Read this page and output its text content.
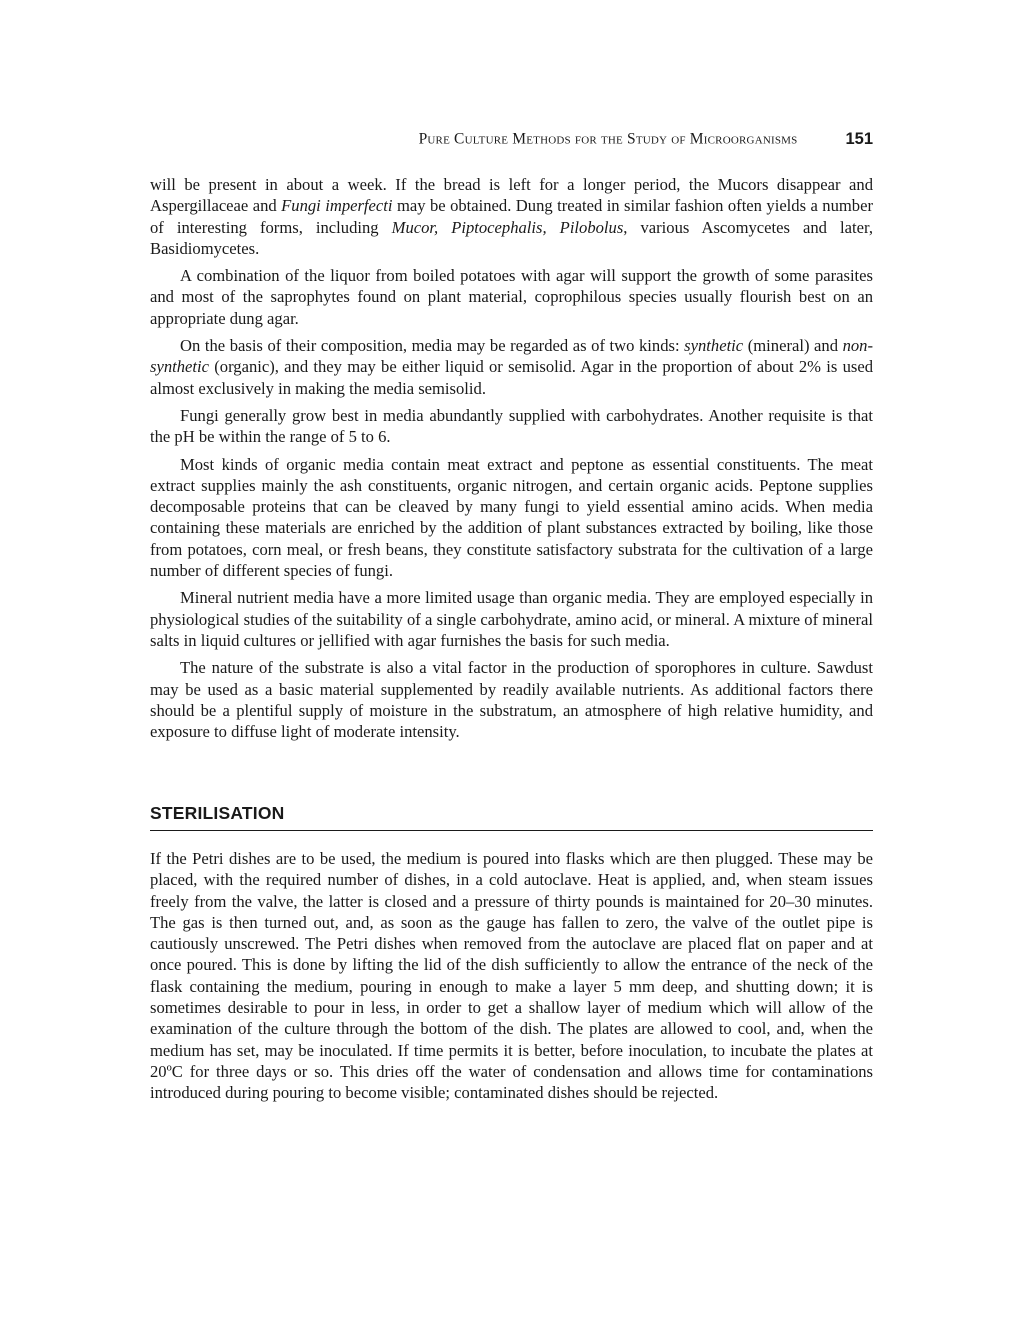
Pure Culture Methods for the Study of Microorganisms	151

will be present in about a week. If the bread is left for a longer period, the Mucors disappear and Aspergillaceae and Fungi imperfecti may be obtained. Dung treated in similar fashion often yields a number of interesting forms, including Mucor, Piptocephalis, Pilobolus, various Ascomycetes and later, Basidiomycetes.

A combination of the liquor from boiled potatoes with agar will support the growth of some parasites and most of the saprophytes found on plant material, coprophilous species usually flourish best on an appropriate dung agar.

On the basis of their composition, media may be regarded as of two kinds: synthetic (mineral) and non-synthetic (organic), and they may be either liquid or semisolid. Agar in the proportion of about 2% is used almost exclusively in making the media semisolid.

Fungi generally grow best in media abundantly supplied with carbohydrates. Another requisite is that the pH be within the range of 5 to 6.

Most kinds of organic media contain meat extract and peptone as essential constituents. The meat extract supplies mainly the ash constituents, organic nitrogen, and certain organic acids. Peptone supplies decomposable proteins that can be cleaved by many fungi to yield essential amino acids. When media containing these materials are enriched by the addition of plant substances extracted by boiling, like those from potatoes, corn meal, or fresh beans, they constitute satisfactory substrata for the cultivation of a large number of different species of fungi.

Mineral nutrient media have a more limited usage than organic media. They are employed especially in physiological studies of the suitability of a single carbohydrate, amino acid, or mineral. A mixture of mineral salts in liquid cultures or jellified with agar furnishes the basis for such media.

The nature of the substrate is also a vital factor in the production of sporophores in culture. Sawdust may be used as a basic material supplemented by readily available nutrients. As additional factors there should be a plentiful supply of moisture in the substratum, an atmosphere of high relative humidity, and exposure to diffuse light of moderate intensity.

STERILISATION

If the Petri dishes are to be used, the medium is poured into flasks which are then plugged. These may be placed, with the required number of dishes, in a cold autoclave. Heat is applied, and, when steam issues freely from the valve, the latter is closed and a pressure of thirty pounds is maintained for 20–30 minutes. The gas is then turned out, and, as soon as the gauge has fallen to zero, the valve of the outlet pipe is cautiously unscrewed. The Petri dishes when removed from the autoclave are placed flat on paper and at once poured. This is done by lifting the lid of the dish sufficiently to allow the entrance of the neck of the flask containing the medium, pouring in enough to make a layer 5 mm deep, and shutting down; it is sometimes desirable to pour in less, in order to get a shallow layer of medium which will allow of the examination of the culture through the bottom of the dish. The plates are allowed to cool, and, when the medium has set, may be inoculated. If time permits it is better, before inoculation, to incubate the plates at 20ºC for three days or so. This dries off the water of condensation and allows time for contaminations introduced during pouring to become visible; contaminated dishes should be rejected.
